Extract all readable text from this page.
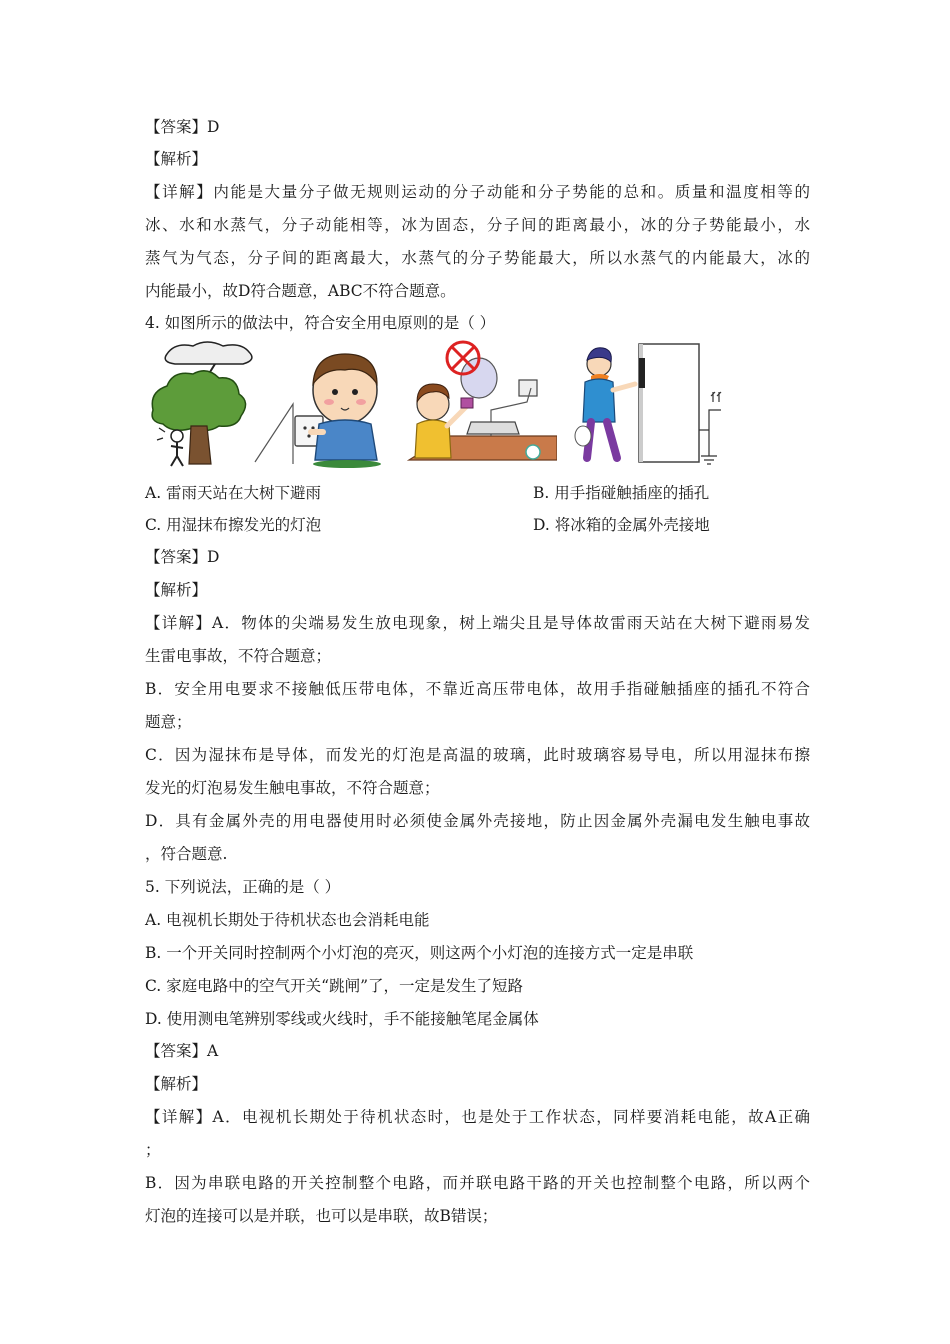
【答案】D
【解析】
【详解】内能是大量分子做无规则运动的分子动能和分子势能的总和。质量和温度相等的
冰、水和水蒸气，分子动能相等，冰为固态，分子间的距离最小，冰的分子势能最小，水
蒸气为气态，分子间的距离最大，水蒸气的分子势能最大，所以水蒸气的内能最大，冰的
内能最小，故D符合题意，ABC不符合题意。
4. 如图所示的做法中，符合安全用电原则的是（ ）
A. 雷雨天站在大树下避雨	B. 用手指碰触插座的插孔
C. 用湿抹布擦发光的灯泡	D. 将冰箱的金属外壳接地
【答案】D
【解析】
【详解】A．物体的尖端易发生放电现象，树上端尖且是导体故雷雨天站在大树下避雨易发
生雷电事故，不符合题意；
B．安全用电要求不接触低压带电体，不靠近高压带电体，故用手指碰触插座的插孔不符合
题意；
C．因为湿抹布是导体，而发光的灯泡是高温的玻璃，此时玻璃容易导电，所以用湿抹布擦
发光的灯泡易发生触电事故，不符合题意；
D．具有金属外壳的用电器使用时必须使金属外壳接地，防止因金属外壳漏电发生触电事故
，符合题意.
5. 下列说法，正确的是（ ）
A. 电视机长期处于待机状态也会消耗电能
B. 一个开关同时控制两个小灯泡的亮灭，则这两个小灯泡的连接方式一定是串联
C. 家庭电路中的空气开关“跳闸”了，一定是发生了短路
D. 使用测电笔辨别零线或火线时，手不能接触笔尾金属体
【答案】A
【解析】
【详解】A．电视机长期处于待机状态时，也是处于工作状态，同样要消耗电能，故A正确
；
B．因为串联电路的开关控制整个电路，而并联电路干路的开关也控制整个电路，所以两个
灯泡的连接可以是并联，也可以是串联，故B错误；
